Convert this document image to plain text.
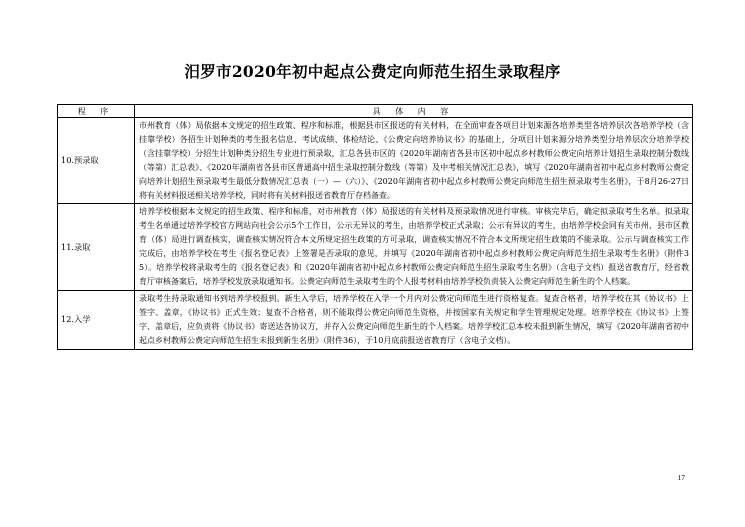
汨罗市2020年初中起点公费定向师范生招生录取程序
程 序	具 体 内 容
10.预录取	市州教育（体）局依据本文规定的招生政策、程序和标准，根据县市区报送的有关材料，在全面审查各项目计划来源各培养类型各培养层次各培养学校（含挂靠学校）各招生计划种类的考生报名信息、考试成绩、体检结论、《公费定向培养协议书》的基础上，分项目计划来源分培养类型分培养层次分培养学校（含挂靠学校）分招生计划种类分招生专业进行预录取，汇总各县市区的《2020年湖南省各县市区初中起点乡村教师公费定向培养计划招生录取控制分数线（等第）汇总表》、《2020年湖南省各县市区普通高中招生录取控制分数线（等第）及中考相关情况汇总表》，填写《2020年湖南省初中起点乡村教师公费定向培养计划招生预录取考生最低分数情况汇总表（一）—（六）》、《2020年湖南省初中起点乡村教师公费定向师范生招生预录取考生名册》，于8月26-27日将有关材料报送相关培养学校，同时将有关材料报送省教育厅存档备查。
11.录取	培养学校根据本文规定的招生政策、程序和标准，对市州教育（体）局报送的有关材料及预录取情况进行审核。审核完毕后，确定拟录取考生名单。拟录取考生名单通过培养学校官方网站向社会公示5个工作日，公示无异议的考生，由培养学校正式录取；公示有异议的考生，由培养学校会同有关市州、县市区教育（体）局进行调查核实，调查核实情况符合本文所规定招生政策的方可录取，调查核实情况不符合本文所规定招生政策的不能录取。公示与调查核实工作完成后，由培养学校在考生《报名登记表》上签署是否录取的意见，并填写《2020年湖南省初中起点乡村教师公费定向师范生招生录取考生名册》（附件35）。培养学校将录取考生的《报名登记表》和《2020年湖南省初中起点乡村教师公费定向师范生招生录取考生名册》（含电子文档）报送省教育厅，经省教育厅审核备案后，培养学校发放录取通知书。公费定向师范生录取考生的个人报考材料由培养学校负责装入公费定向师范生新生的个人档案。
12.入学	录取考生持录取通知书到培养学校报到。新生入学后，培养学校在入学一个月内对公费定向师范生进行资格复查。复查合格者，培养学校在其《协议书》上签字、盖章，《协议书》正式生效；复查不合格者，则不能取得公费定向师范生资格，并按国家有关规定和学生管理规定处理。培养学校在《协议书》上签字、盖章后，应负责将《协议书》寄送达各协议方，并存入公费定向师范生新生的个人档案。培养学校汇总本校未报到新生情况，填写《2020年湖南省初中起点乡村教师公费定向师范生招生未报到新生名册》（附件36），于10月底前报送省教育厅（含电子文档）。
17
